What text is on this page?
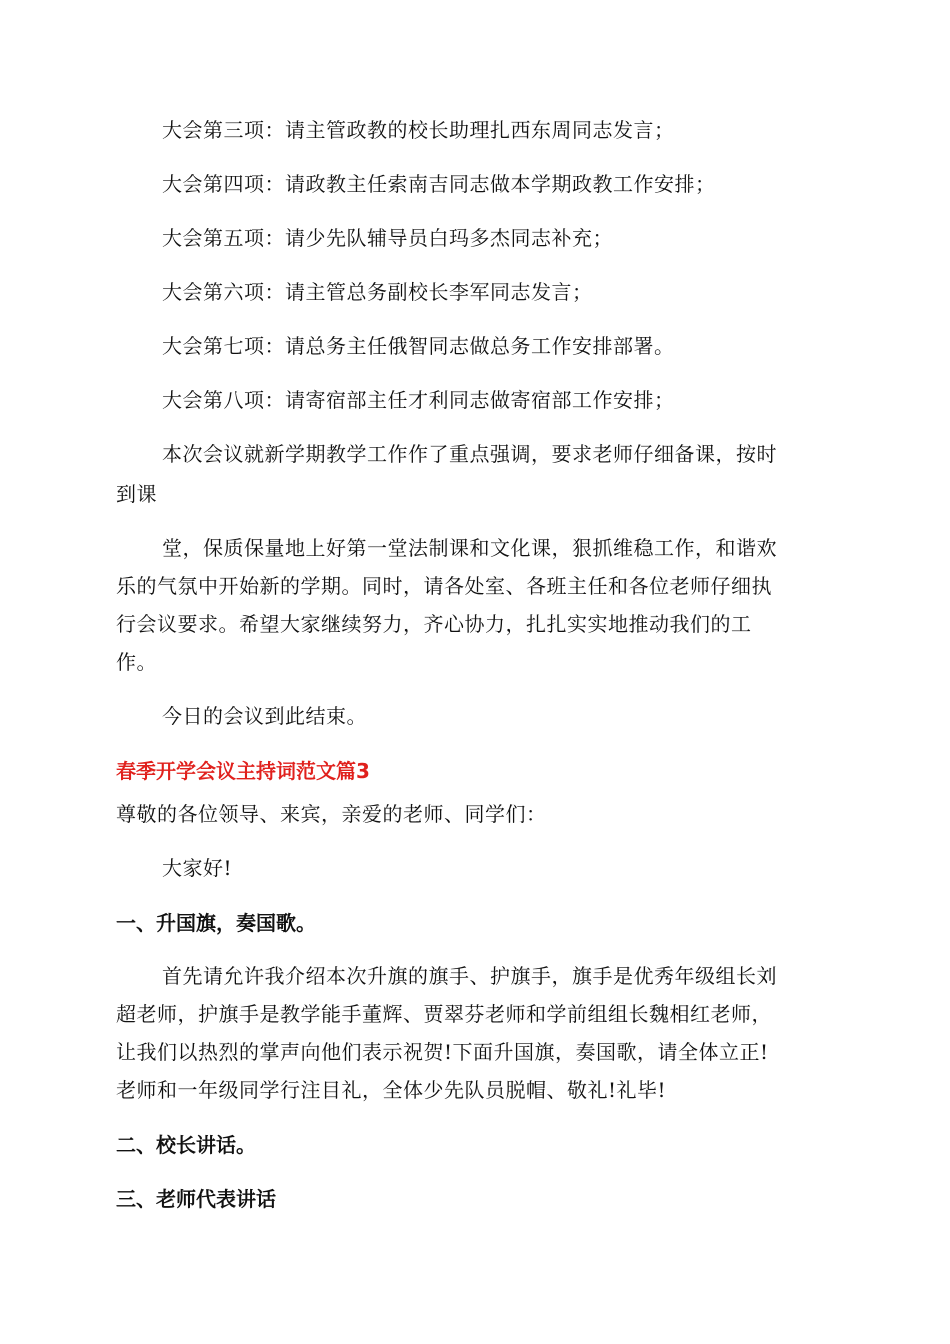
大会第三项：请主管政教的校长助理扎西东周同志发言；
大会第四项：请政教主任索南吉同志做本学期政教工作安排；
大会第五项：请少先队辅导员白玛多杰同志补充；
大会第六项：请主管总务副校长李军同志发言；
大会第七项：请总务主任俄智同志做总务工作安排部署。
大会第八项：请寄宿部主任才利同志做寄宿部工作安排；
本次会议就新学期教学工作作了重点强调，要求老师仔细备课，按时
到课
堂，保质保量地上好第一堂法制课和文化课，狠抓维稳工作，和谐欢
乐的气氛中开始新的学期。同时，请各处室、各班主任和各位老师仔细执
行会议要求。希望大家继续努力，齐心协力，扎扎实实地推动我们的工
作。
今日的会议到此结束。
春季开学会议主持词范文篇3
尊敬的各位领导、来宾，亲爱的老师、同学们：
大家好!
一、升国旗，奏国歌。
首先请允许我介绍本次升旗的旗手、护旗手，旗手是优秀年级组长刘
超老师，护旗手是教学能手董辉、贾翠芬老师和学前组组长魏相红老师，
让我们以热烈的掌声向他们表示祝贺!下面升国旗，奏国歌，请全体立正!
老师和一年级同学行注目礼，全体少先队员脱帽、敬礼!礼毕!
二、校长讲话。
三、老师代表讲话
